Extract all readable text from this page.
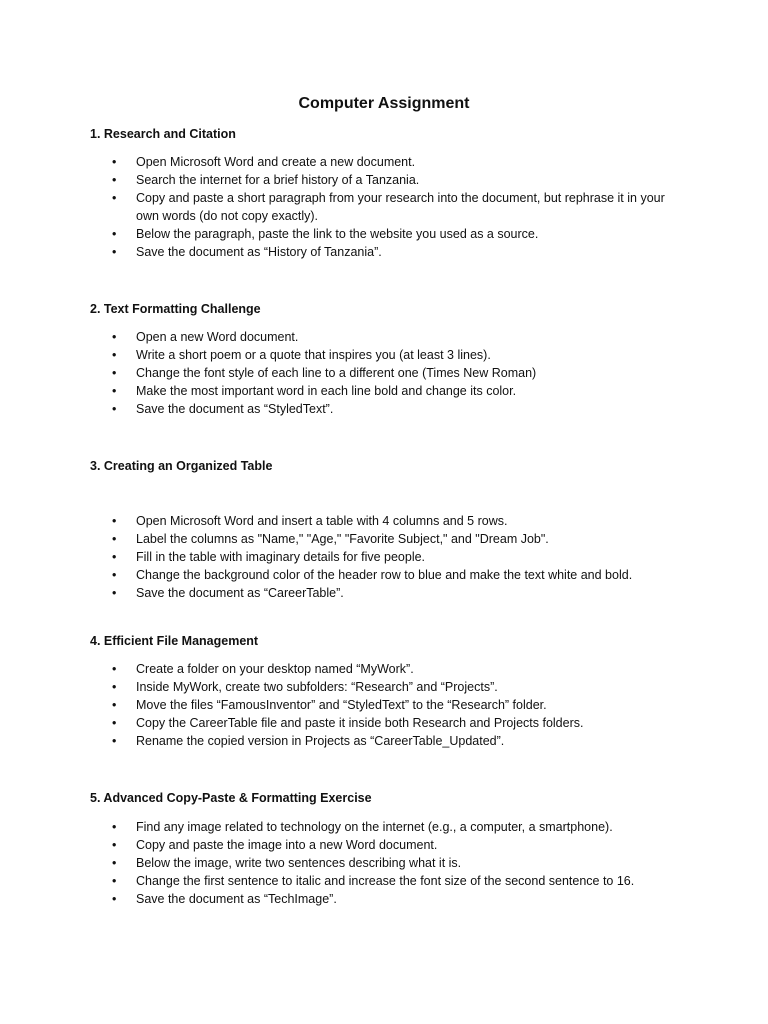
Computer Assignment
1. Research and Citation
• Open Microsoft Word and create a new document.
• Search the internet for a brief history of a Tanzania.
• Copy and paste a short paragraph from your research into the document, but rephrase it in your own words (do not copy exactly).
• Below the paragraph, paste the link to the website you used as a source.
• Save the document as “History of Tanzania”.
2. Text Formatting Challenge
• Open a new Word document.
• Write a short poem or a quote that inspires you (at least 3 lines).
• Change the font style of each line to a different one (Times New Roman)
• Make the most important word in each line bold and change its color.
• Save the document as “StyledText”.
3. Creating an Organized Table
• Open Microsoft Word and insert a table with 4 columns and 5 rows.
• Label the columns as "Name," "Age," "Favorite Subject," and "Dream Job".
• Fill in the table with imaginary details for five people.
• Change the background color of the header row to blue and make the text white and bold.
• Save the document as “CareerTable”.
4. Efficient File Management
• Create a folder on your desktop named “MyWork”.
• Inside MyWork, create two subfolders: “Research” and “Projects”.
• Move the files “FamousInventor” and “StyledText” to the “Research” folder.
• Copy the CareerTable file and paste it inside both Research and Projects folders.
• Rename the copied version in Projects as “CareerTable_Updated”.
5. Advanced Copy-Paste & Formatting Exercise
• Find any image related to technology on the internet (e.g., a computer, a smartphone).
• Copy and paste the image into a new Word document.
• Below the image, write two sentences describing what it is.
• Change the first sentence to italic and increase the font size of the second sentence to 16.
• Save the document as “TechImage”.
